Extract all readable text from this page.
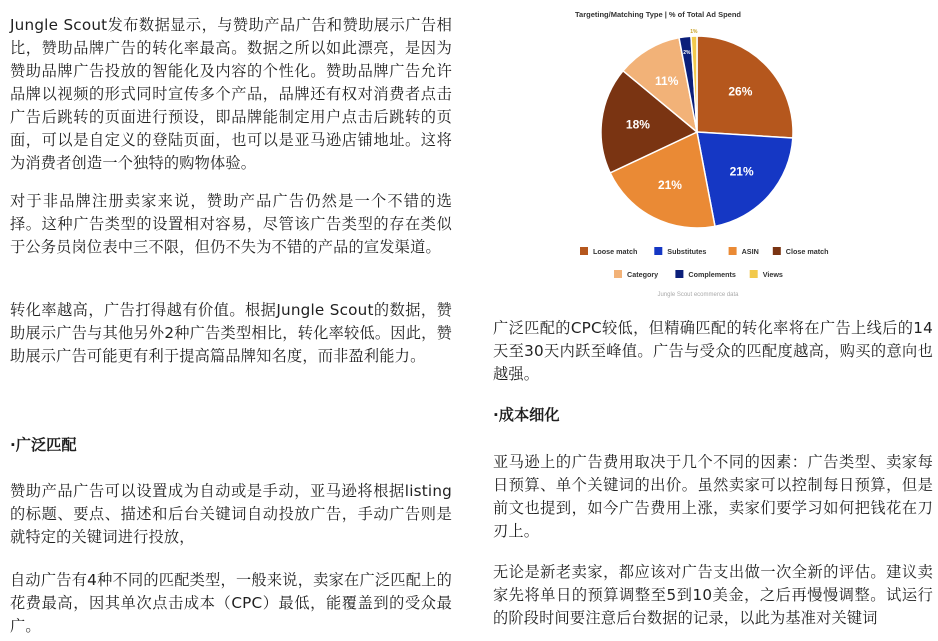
Jungle Scout发布数据显示，与赞助产品广告和赞助展示广告相比，赞助品牌广告的转化率最高。数据之所以如此漂亮，是因为赞助品牌广告投放的智能化及内容的个性化。赞助品牌广告允许品牌以视频的形式同时宣传多个产品，品牌还有权对消费者点击广告后跳转的页面进行预设，即品牌能制定用户点击后跳转的页面，可以是自定义的登陆页面，也可以是亚马逊店铺地址。这将为消费者创造一个独特的购物体验。

对于非品牌注册卖家来说，赞助产品广告仍然是一个不错的选择。这种广告类型的设置相对容易，尽管该广告类型的存在类似于公务员岗位表中三不限，但仍不失为不错的产品的宣发渠道。

转化率越高，广告打得越有价值。根据Jungle Scout的数据，赞助展示广告与其他另外2种广告类型相比，转化率较低。因此，赞助展示广告可能更有利于提高篇品牌知名度，而非盈利能力。

·广泛匹配

赞助产品广告可以设置成为自动或是手动，亚马逊将根据listing的标题、要点、描述和后台关键词自动投放广告，手动广告则是就特定的关键词进行投放，

自动广告有4种不同的匹配类型，一般来说，卖家在广泛匹配上的花费最高，因其单次点击成本（CPC）最低，能覆盖到的受众最广。

Targeting/Matching Type | % of Total Ad Spend
26%
21%
21%
18%
11%
2%
1%
Loose match	Substitutes	ASIN	Close match
Category	Complements	Views
Jungle Scout ecommerce data

广泛匹配的CPC较低，但精确匹配的转化率将在广告上线后的14天至30天内跃至峰值。广告与受众的匹配度越高，购买的意向也越强。

·成本细化

亚马逊上的广告费用取决于几个不同的因素：广告类型、卖家每日预算、单个关键词的出价。虽然卖家可以控制每日预算，但是前文也提到，如今广告费用上涨，卖家们要学习如何把钱花在刀刃上。

无论是新老卖家，都应该对广告支出做一次全新的评估。建议卖家先将单日的预算调整至5到10美金，之后再慢慢调整。试运行的阶段时间要注意后台数据的记录，以此为基准对关键词
